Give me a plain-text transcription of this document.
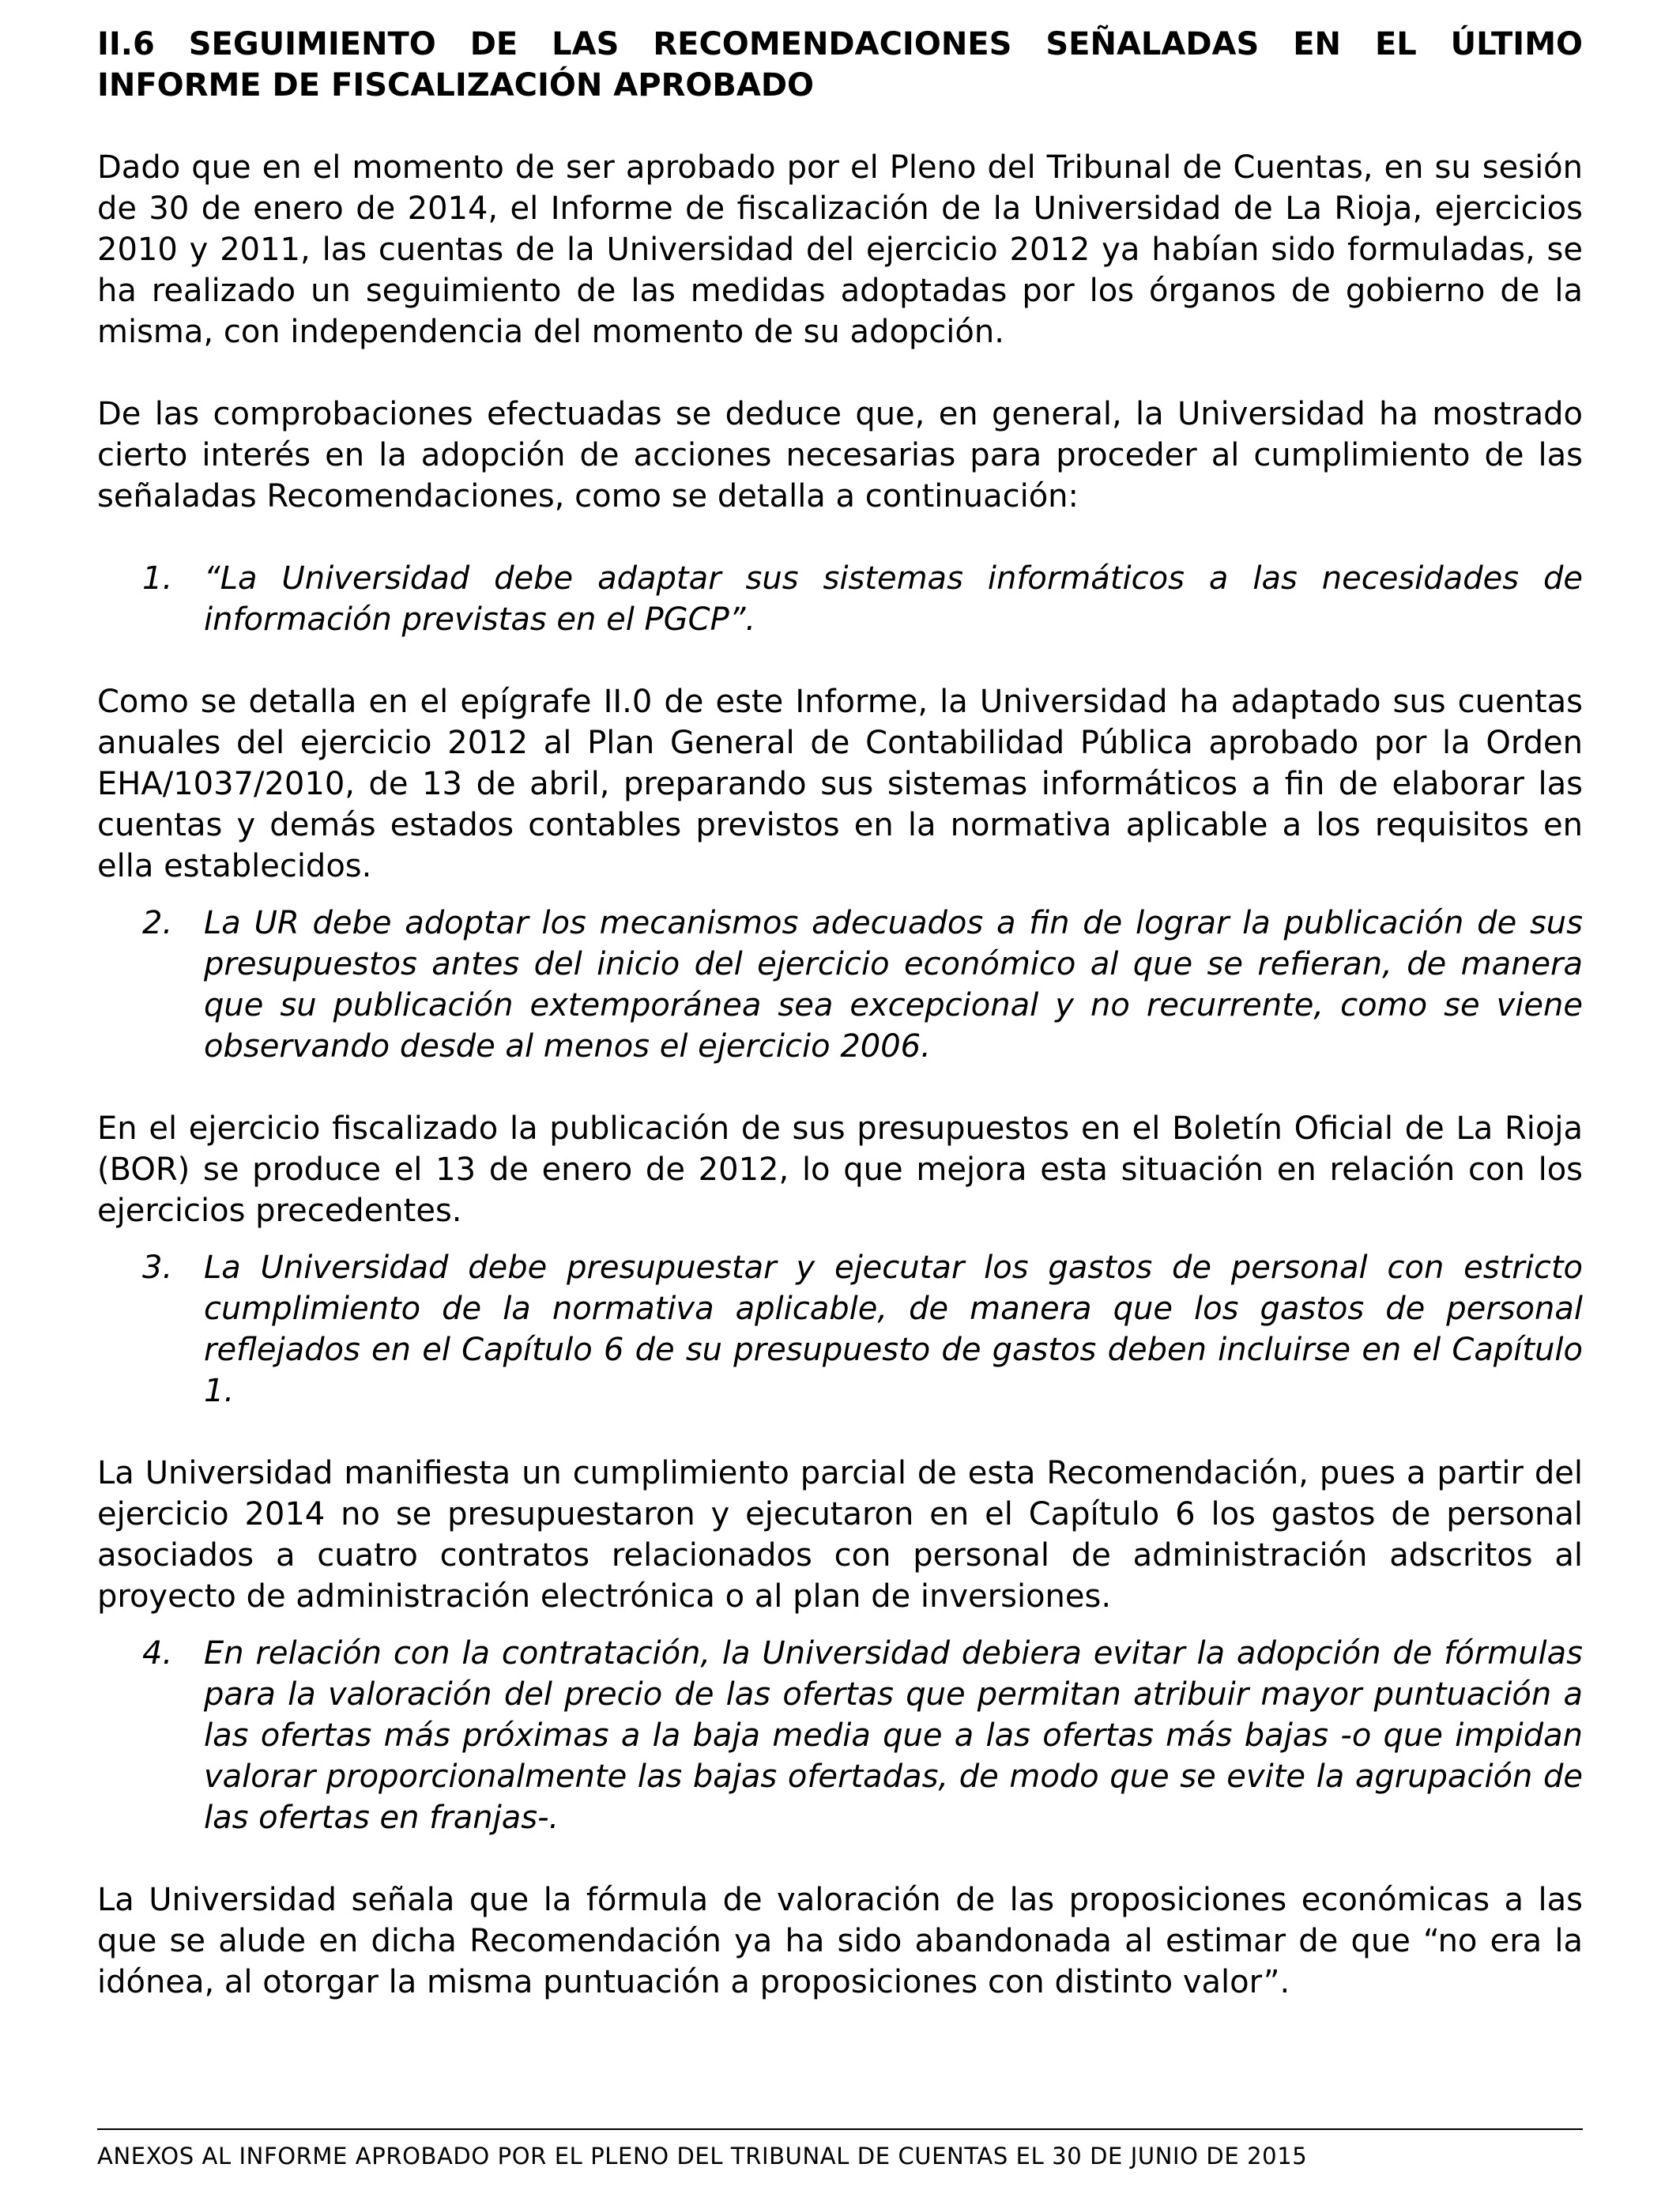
II.6 SEGUIMIENTO DE LAS RECOMENDACIONES SEÑALADAS EN EL ÚLTIMO
INFORME DE FISCALIZACIÓN APROBADO

Dado que en el momento de ser aprobado por el Pleno del Tribunal de Cuentas, en su sesión de 30 de enero de 2014, el Informe de fiscalización de la Universidad de La Rioja, ejercicios 2010 y 2011, las cuentas de la Universidad del ejercicio 2012 ya habían sido formuladas, se ha realizado un seguimiento de las medidas adoptadas por los órganos de gobierno de la misma, con independencia del momento de su adopción.

De las comprobaciones efectuadas se deduce que, en general, la Universidad ha mostrado cierto interés en la adopción de acciones necesarias para proceder al cumplimiento de las señaladas Recomendaciones, como se detalla a continuación:

1. “La Universidad debe adaptar sus sistemas informáticos a las necesidades de información previstas en el PGCP”.

Como se detalla en el epígrafe II.0 de este Informe, la Universidad ha adaptado sus cuentas anuales del ejercicio 2012 al Plan General de Contabilidad Pública aprobado por la Orden EHA/1037/2010, de 13 de abril, preparando sus sistemas informáticos a fin de elaborar las cuentas y demás estados contables previstos en la normativa aplicable a los requisitos en ella establecidos.

2. La UR debe adoptar los mecanismos adecuados a fin de lograr la publicación de sus presupuestos antes del inicio del ejercicio económico al que se refieran, de manera que su publicación extemporánea sea excepcional y no recurrente, como se viene observando desde al menos el ejercicio 2006.

En el ejercicio fiscalizado la publicación de sus presupuestos en el Boletín Oficial de La Rioja (BOR) se produce el 13 de enero de 2012, lo que mejora esta situación en relación con los ejercicios precedentes.

3. La Universidad debe presupuestar y ejecutar los gastos de personal con estricto cumplimiento de la normativa aplicable, de manera que los gastos de personal reflejados en el Capítulo 6 de su presupuesto de gastos deben incluirse en el Capítulo 1.

La Universidad manifiesta un cumplimiento parcial de esta Recomendación, pues a partir del ejercicio 2014 no se presupuestaron y ejecutaron en el Capítulo 6 los gastos de personal asociados a cuatro contratos relacionados con personal de administración adscritos al proyecto de administración electrónica o al plan de inversiones.

4. En relación con la contratación, la Universidad debiera evitar la adopción de fórmulas para la valoración del precio de las ofertas que permitan atribuir mayor puntuación a las ofertas más próximas a la baja media que a las ofertas más bajas -o que impidan valorar proporcionalmente las bajas ofertadas, de modo que se evite la agrupación de las ofertas en franjas-.

La Universidad señala que la fórmula de valoración de las proposiciones económicas a las que se alude en dicha Recomendación ya ha sido abandonada al estimar de que “no era la idónea, al otorgar la misma puntuación a proposiciones con distinto valor”.

ANEXOS AL INFORME APROBADO POR EL PLENO DEL TRIBUNAL DE CUENTAS EL 30 DE JUNIO DE 2015
